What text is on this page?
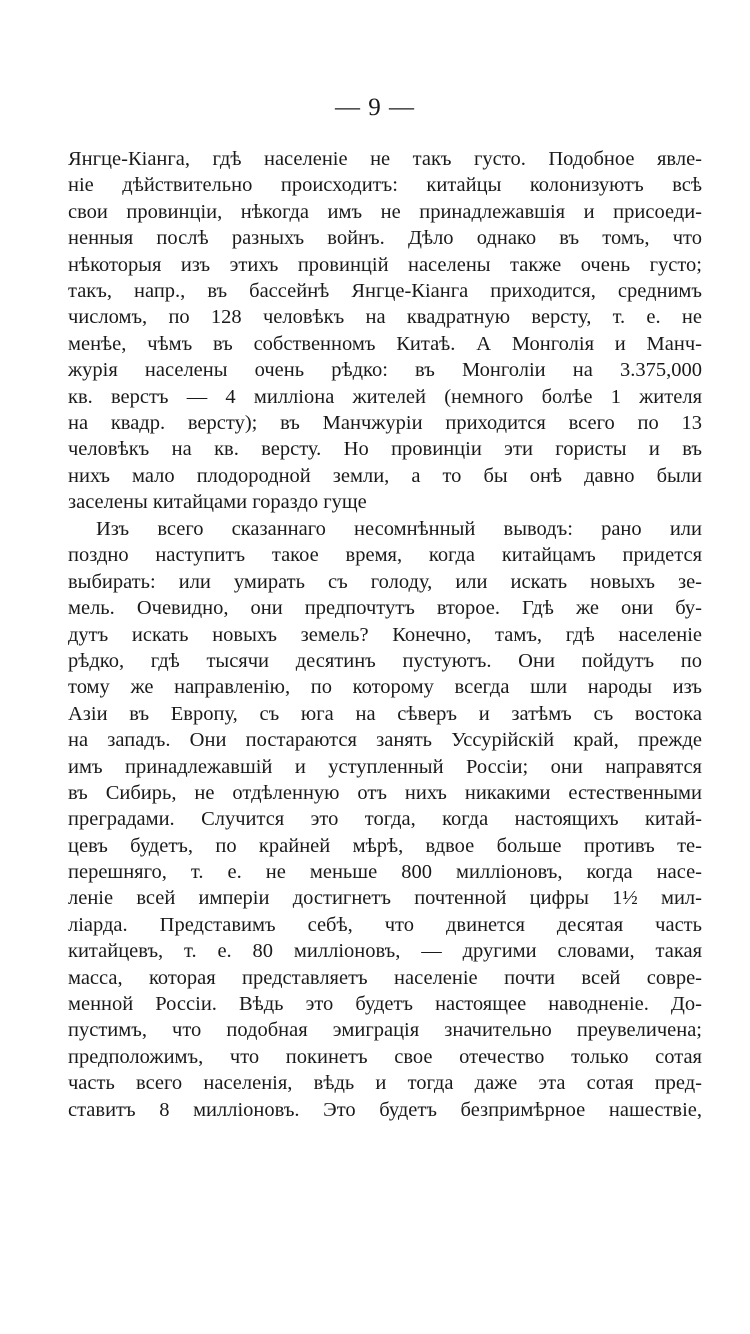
— 9 —
Янгце-Кіанга, гдѣ населеніе не такъ густо. Подобное явле-
ніе дѣйствительно происходитъ: китайцы колонизуютъ всѣ
свои провинціи, нѣкогда имъ не принадлежавшія и присоеди-
ненныя послѣ разныхъ войнъ. Дѣло однако въ томъ, что
нѣкоторыя изъ этихъ провинцій населены также очень густо;
такъ, напр., въ бассейнѣ Янгце-Кіанга приходится, среднимъ
числомъ, по 128 человѣкъ на квадратную версту, т. е. не
менѣе, чѣмъ въ собственномъ Китаѣ. А Монголія и Манч-
журія населены очень рѣдко: въ Монголіи на 3.375,000
кв. верстъ — 4 милліона жителей (немного болѣе 1 жителя
на квадр. версту); въ Манчжуріи приходится всего по 13
человѣкъ на кв. версту. Но провинціи эти гористы и въ
нихъ мало плодородной земли, а то бы онѣ давно были
заселены китайцами гораздо гуще
Изъ всего сказаннаго несомнѣнный выводъ: рано или
поздно наступитъ такое время, когда китайцамъ придется
выбирать: или умирать съ голоду, или искать новыхъ зе-
мель. Очевидно, они предпочтутъ второе. Гдѣ же они бу-
дутъ искать новыхъ земель? Конечно, тамъ, гдѣ населеніе
рѣдко, гдѣ тысячи десятинъ пустуютъ. Они пойдутъ по
тому же направленію, по которому всегда шли народы изъ
Азіи въ Европу, съ юга на сѣверъ и затѣмъ съ востока
на западъ. Они постараются занять Уссурійскій край, прежде
имъ принадлежавшій и уступленный Россіи; они направятся
въ Сибирь, не отдѣленную отъ нихъ никакими естественными
преградами. Случится это тогда, когда настоящихъ китай-
цевъ будетъ, по крайней мѣрѣ, вдвое больше противъ те-
перешняго, т. е. не меньше 800 милліоновъ, когда насе-
леніе всей имперіи достигнетъ почтенной цифры 1½ мил-
ліарда. Представимъ себѣ, что двинется десятая часть
китайцевъ, т. е. 80 милліоновъ, — другими словами, такая
масса, которая представляетъ населеніе почти всей совре-
менной Россіи. Вѣдь это будетъ настоящее наводненіе. До-
пустимъ, что подобная эмиграція значительно преувеличена;
предположимъ, что покинетъ свое отечество только сотая
часть всего населенія, вѣдь и тогда даже эта сотая пред-
ставитъ 8 милліоновъ. Это будетъ безпримѣрное нашествіе,
